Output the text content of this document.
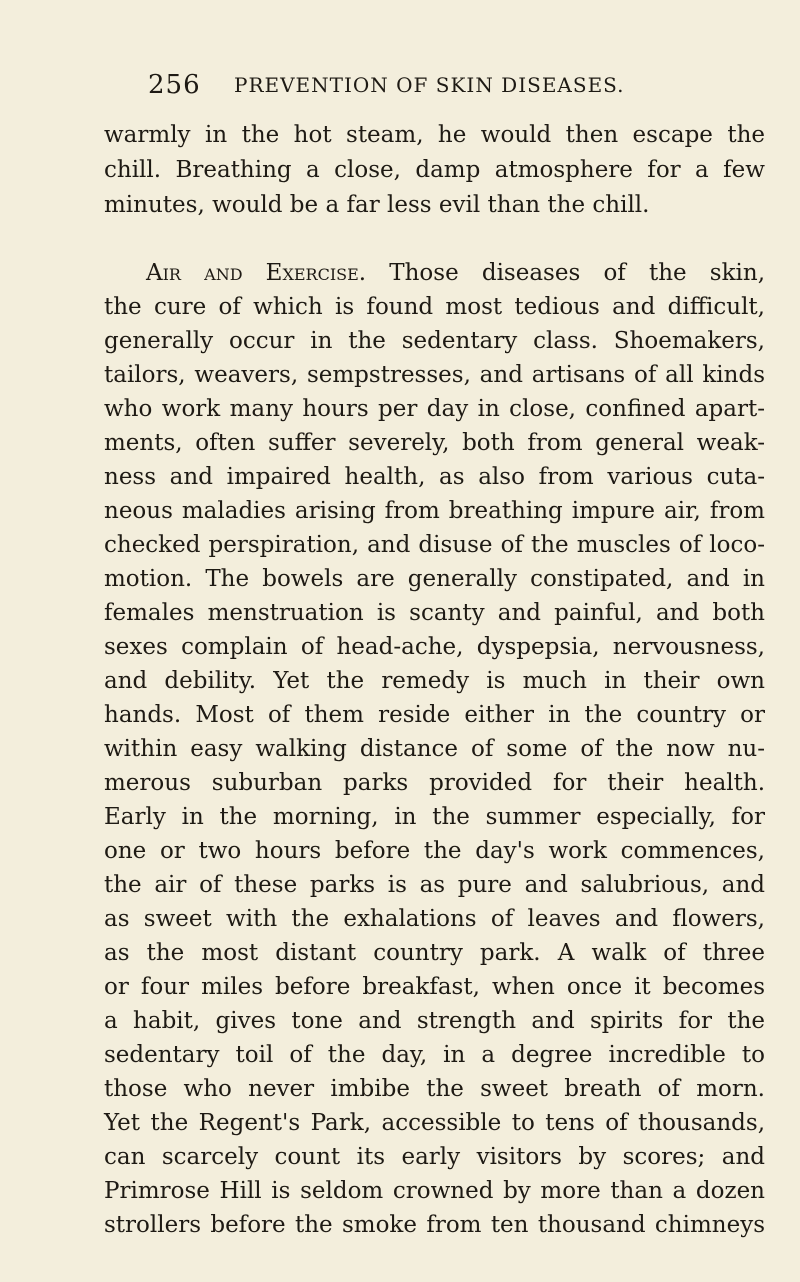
256 PREVENTION OF SKIN DISEASES.
warmly in the hot steam, he would then escape the
chill. Breathing a close, damp atmosphere for a few
minutes, would be a far less evil than the chill.
Air and Exercise. Those diseases of the skin,
the cure of which is found most tedious and difficult,
generally occur in the sedentary class. Shoemakers,
tailors, weavers, sempstresses, and artisans of all kinds
who work many hours per day in close, confined apart-
ments, often suffer severely, both from general weak-
ness and impaired health, as also from various cuta-
neous maladies arising from breathing impure air, from
checked perspiration, and disuse of the muscles of loco-
motion. The bowels are generally constipated, and in
females menstruation is scanty and painful, and both
sexes complain of head-ache, dyspepsia, nervousness,
and debility. Yet the remedy is much in their own
hands. Most of them reside either in the country or
within easy walking distance of some of the now nu-
merous suburban parks provided for their health.
Early in the morning, in the summer especially, for
one or two hours before the day's work commences,
the air of these parks is as pure and salubrious, and
as sweet with the exhalations of leaves and flowers,
as the most distant country park. A walk of three
or four miles before breakfast, when once it becomes
a habit, gives tone and strength and spirits for the
sedentary toil of the day, in a degree incredible to
those who never imbibe the sweet breath of morn.
Yet the Regent's Park, accessible to tens of thousands,
can scarcely count its early visitors by scores; and
Primrose Hill is seldom crowned by more than a dozen
strollers before the smoke from ten thousand chimneys
